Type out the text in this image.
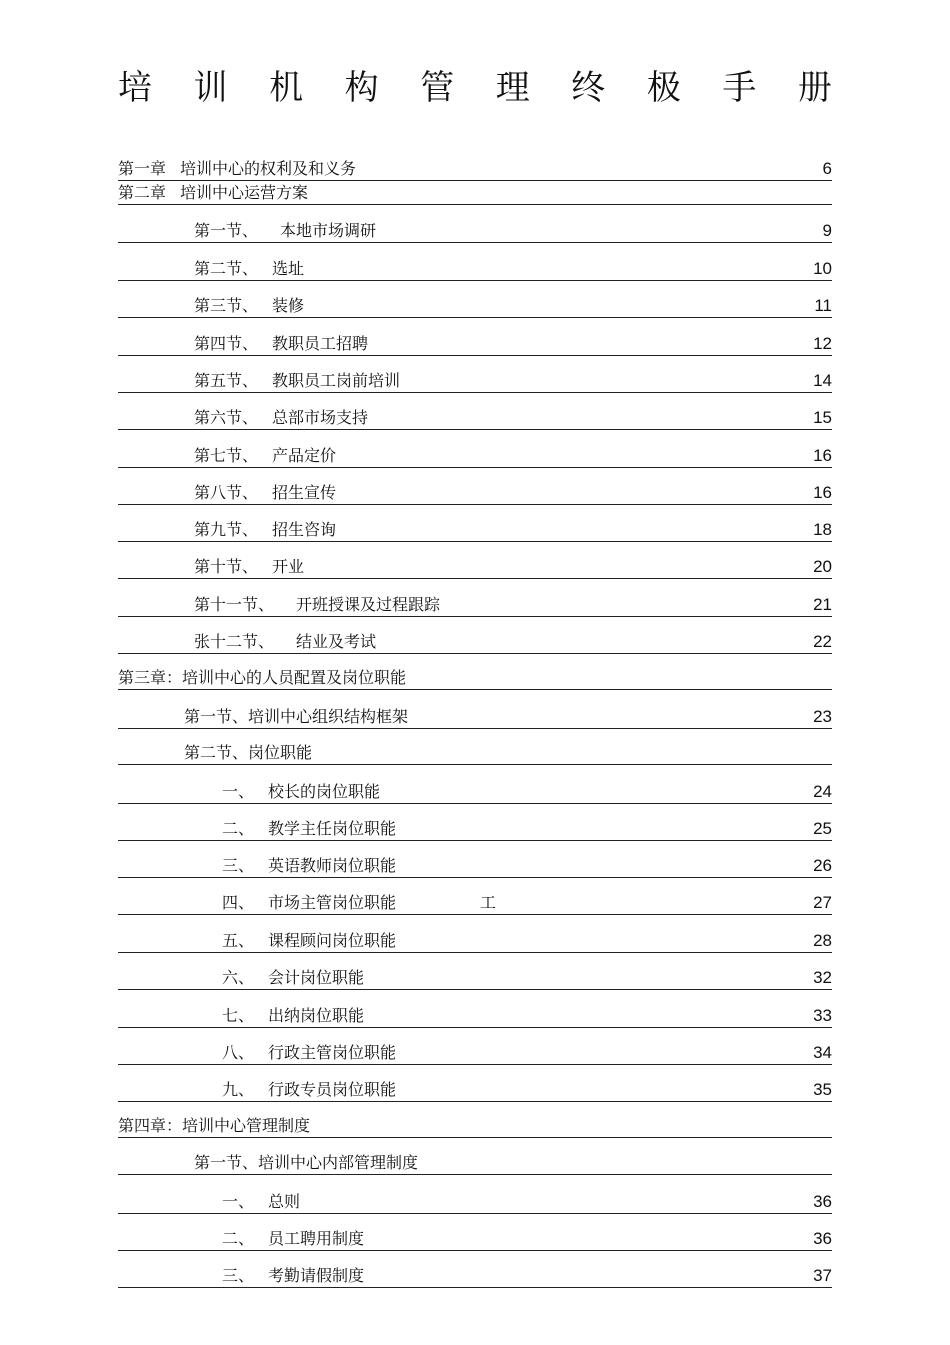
培 训 机 构 管 理 终 极 手 册
第一章 培训中心的权利及和义务	6
第二章 培训中心运营方案
第一节、 本地市场调研	9
第二节、 选址	10
第三节、 装修	11
第四节、 教职员工招聘	12
第五节、 教职员工岗前培训	14
第六节、 总部市场支持	15
第七节、 产品定价	16
第八节、 招生宣传	16
第九节、 招生咨询	18
第十节、 开业	20
第十一节、 开班授课及过程跟踪	21
张十二节、 结业及考试	22
第三章：培训中心的人员配置及岗位职能
第一节、培训中心组织结构框架	23
第二节、岗位职能
一、 校长的岗位职能	24
二、 教学主任岗位职能	25
三、 英语教师岗位职能	26
四、 市场主管岗位职能	工	27
五、 课程顾问岗位职能	28
六、 会计岗位职能	32
七、 出纳岗位职能	33
八、 行政主管岗位职能	34
九、 行政专员岗位职能	35
第四章：培训中心管理制度
第一节、培训中心内部管理制度
一、 总则	36
二、 员工聘用制度	36
三、 考勤请假制度	37
